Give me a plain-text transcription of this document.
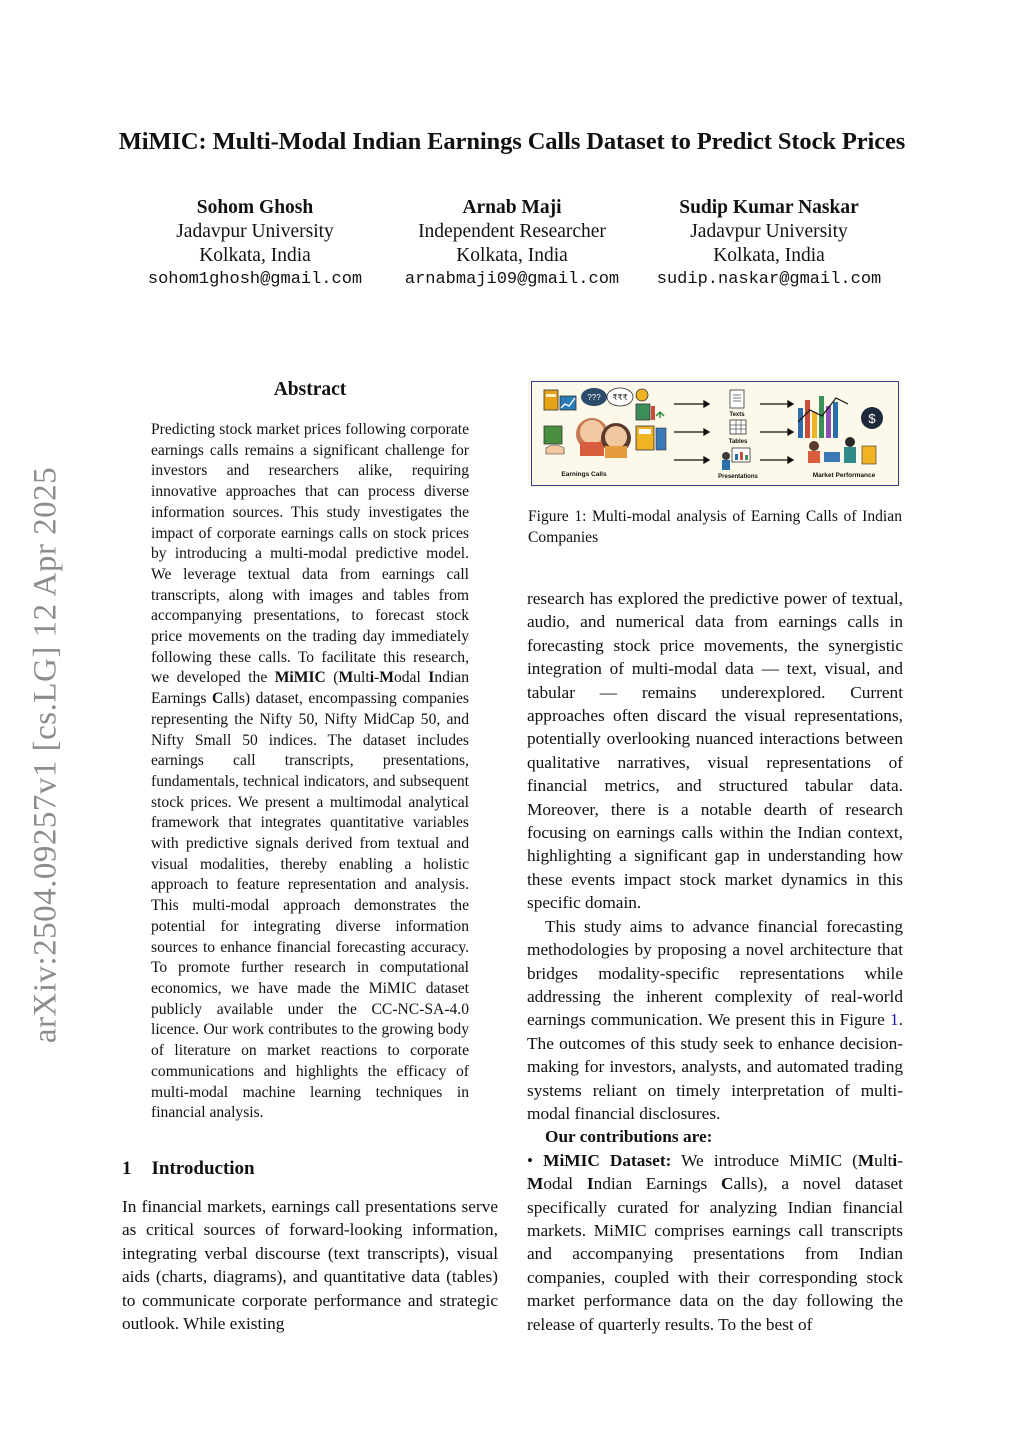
arXiv:2504.09257v1 [cs.LG] 12 Apr 2025
MiMIC: Multi-Modal Indian Earnings Calls Dataset to Predict Stock Prices
Sohom Ghosh
Jadavpur University
Kolkata, India
sohom1ghosh@gmail.com
Arnab Maji
Independent Researcher
Kolkata, India
arnabmaji09@gmail.com
Sudip Kumar Naskar
Jadavpur University
Kolkata, India
sudip.naskar@gmail.com
Abstract
Predicting stock market prices following corporate earnings calls remains a significant challenge for investors and researchers alike, requiring innovative approaches that can process diverse information sources. This study investigates the impact of corporate earnings calls on stock prices by introducing a multi-modal predictive model. We leverage textual data from earnings call transcripts, along with images and tables from accompanying presentations, to forecast stock price movements on the trading day immediately following these calls. To facilitate this research, we developed the MiMIC (Multi-Modal Indian Earnings Calls) dataset, encompassing companies representing the Nifty 50, Nifty MidCap 50, and Nifty Small 50 indices. The dataset includes earnings call transcripts, presentations, fundamentals, technical indicators, and subsequent stock prices. We present a multimodal analytical framework that integrates quantitative variables with predictive signals derived from textual and visual modalities, thereby enabling a holistic approach to feature representation and analysis. This multi-modal approach demonstrates the potential for integrating diverse information sources to enhance financial forecasting accuracy. To promote further research in computational economics, we have made the MiMIC dataset publicly available under the CC-NC-SA-4.0 licence. Our work contributes to the growing body of literature on market reactions to corporate communications and highlights the efficacy of multi-modal machine learning techniques in financial analysis.
1 Introduction

In financial markets, earnings call presentations serve as critical sources of forward-looking information, integrating verbal discourse (text transcripts), visual aids (charts, diagrams), and quantitative data (tables) to communicate corporate performance and strategic outlook. While existing

??? ₹₹₹
Earnings Calls
Texts
Tables
Presentations
$
Market Performance
Figure 1: Multi-modal analysis of Earning Calls of Indian Companies

research has explored the predictive power of textual, audio, and numerical data from earnings calls in forecasting stock price movements, the synergistic integration of multi-modal data — text, visual, and tabular — remains underexplored. Current approaches often discard the visual representations, potentially overlooking nuanced interactions between qualitative narratives, visual representations of financial metrics, and structured tabular data. Moreover, there is a notable dearth of research focusing on earnings calls within the Indian context, highlighting a significant gap in understanding how these events impact stock market dynamics in this specific domain.

This study aims to advance financial forecasting methodologies by proposing a novel architecture that bridges modality-specific representations while addressing the inherent complexity of real-world earnings communication. We present this in Figure 1. The outcomes of this study seek to enhance decision-making for investors, analysts, and automated trading systems reliant on timely interpretation of multi-modal financial disclosures.

Our contributions are:

• MiMIC Dataset: We introduce MiMIC (Multi-Modal Indian Earnings Calls), a novel dataset specifically curated for analyzing Indian financial markets. MiMIC comprises earnings call transcripts and accompanying presentations from Indian companies, coupled with their corresponding stock market performance data on the day following the release of quarterly results. To the best of
